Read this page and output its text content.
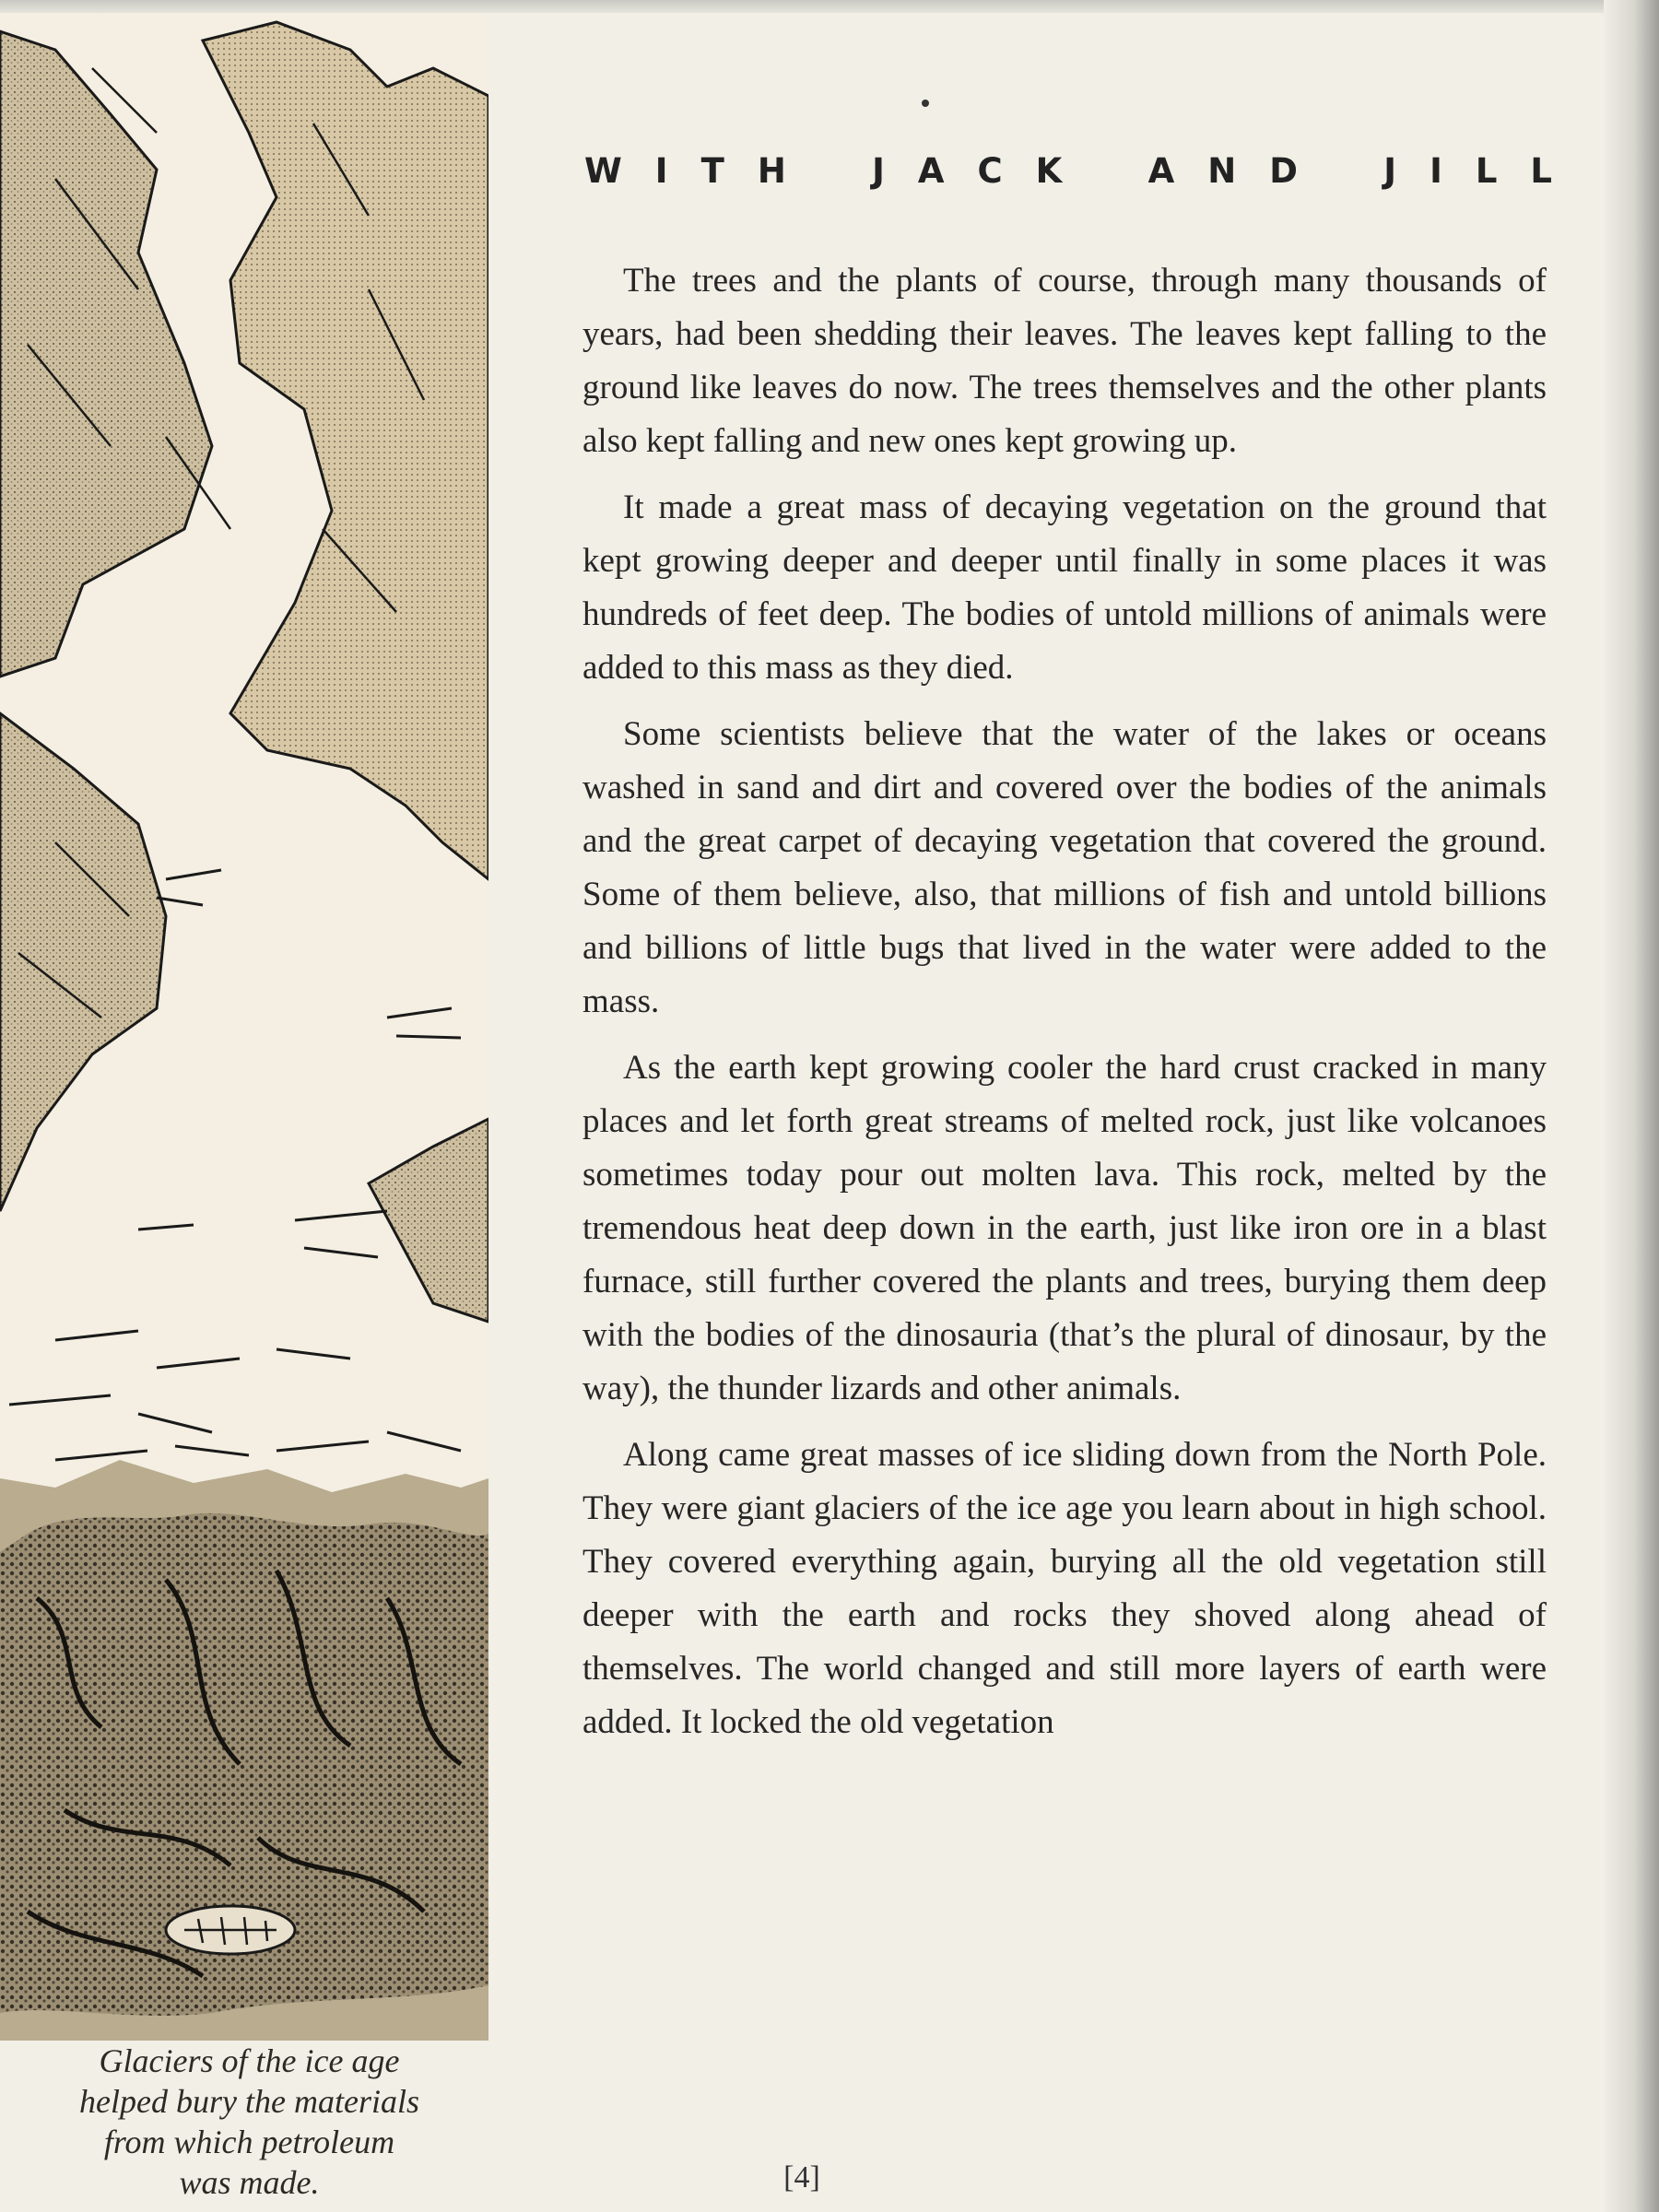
Glaciers of the ice age
helped bury the materials
from which petroleum
was made.
WITH JACK AND JILL

The trees and the plants of course, through many thousands of years, had been shedding their leaves. The leaves kept falling to the ground like leaves do now. The trees themselves and the other plants also kept falling and new ones kept growing up.

It made a great mass of decaying vegetation on the ground that kept growing deeper and deeper until finally in some places it was hundreds of feet deep. The bodies of untold millions of animals were added to this mass as they died.

Some scientists believe that the water of the lakes or oceans washed in sand and dirt and covered over the bodies of the animals and the great carpet of decaying vegetation that covered the ground. Some of them believe, also, that millions of fish and untold billions and billions of little bugs that lived in the water were added to the mass.

As the earth kept growing cooler the hard crust cracked in many places and let forth great streams of melted rock, just like volcanoes sometimes today pour out molten lava. This rock, melted by the tremendous heat deep down in the earth, just like iron ore in a blast furnace, still further covered the plants and trees, burying them deep with the bodies of the dinosauria (that’s the plural of dinosaur, by the way), the thunder lizards and other animals.

Along came great masses of ice sliding down from the North Pole. They were giant glaciers of the ice age you learn about in high school. They covered everything again, burying all the old vegetation still deeper with the earth and rocks they shoved along ahead of themselves. The world changed and still more layers of earth were added. It locked the old vegetation

[4]
